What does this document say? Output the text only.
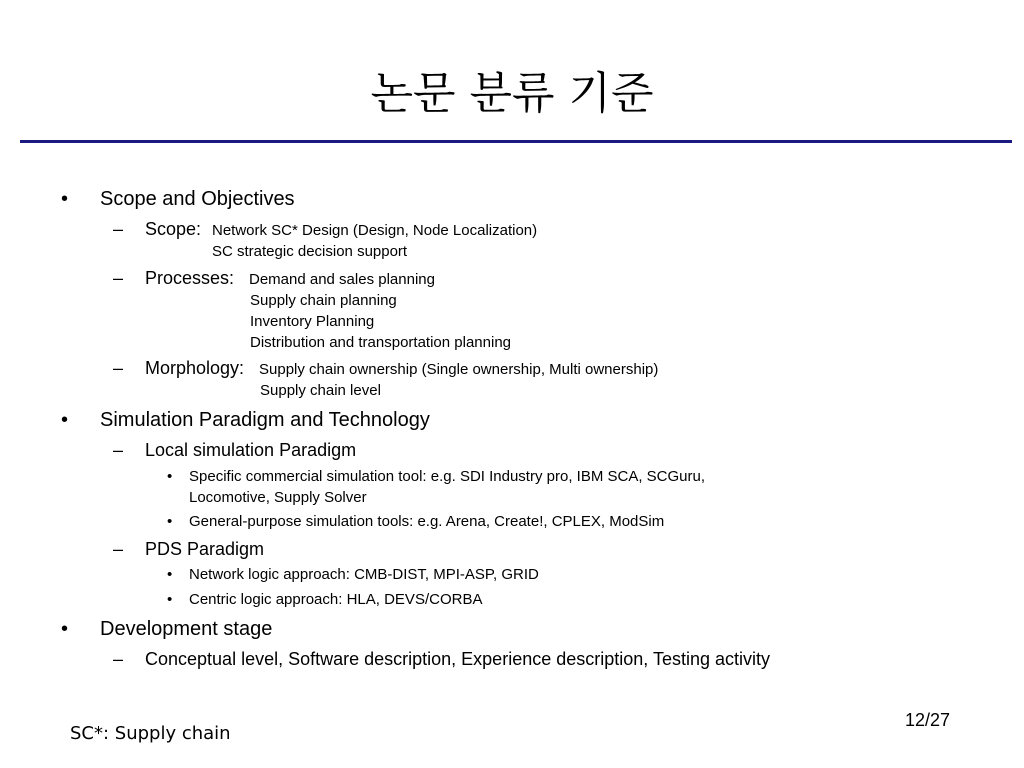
논문 분류 기준
• Scope and Objectives
– Scope: Network SC* Design (Design, Node Localization)
SC strategic decision support
– Processes: Demand and sales planning
Supply chain planning
Inventory Planning
Distribution and transportation planning
– Morphology: Supply chain ownership (Single ownership, Multi ownership)
Supply chain level
• Simulation Paradigm and Technology
– Local simulation Paradigm
• Specific commercial simulation tool: e.g. SDI Industry pro, IBM SCA, SCGuru,
Locomotive, Supply Solver
• General-purpose simulation tools: e.g. Arena, Create!, CPLEX, ModSim
– PDS Paradigm
• Network logic approach: CMB-DIST, MPI-ASP, GRID
• Centric logic approach: HLA, DEVS/CORBA
• Development stage
– Conceptual level, Software description, Experience description, Testing activity
12/27
SC*: Supply chain
